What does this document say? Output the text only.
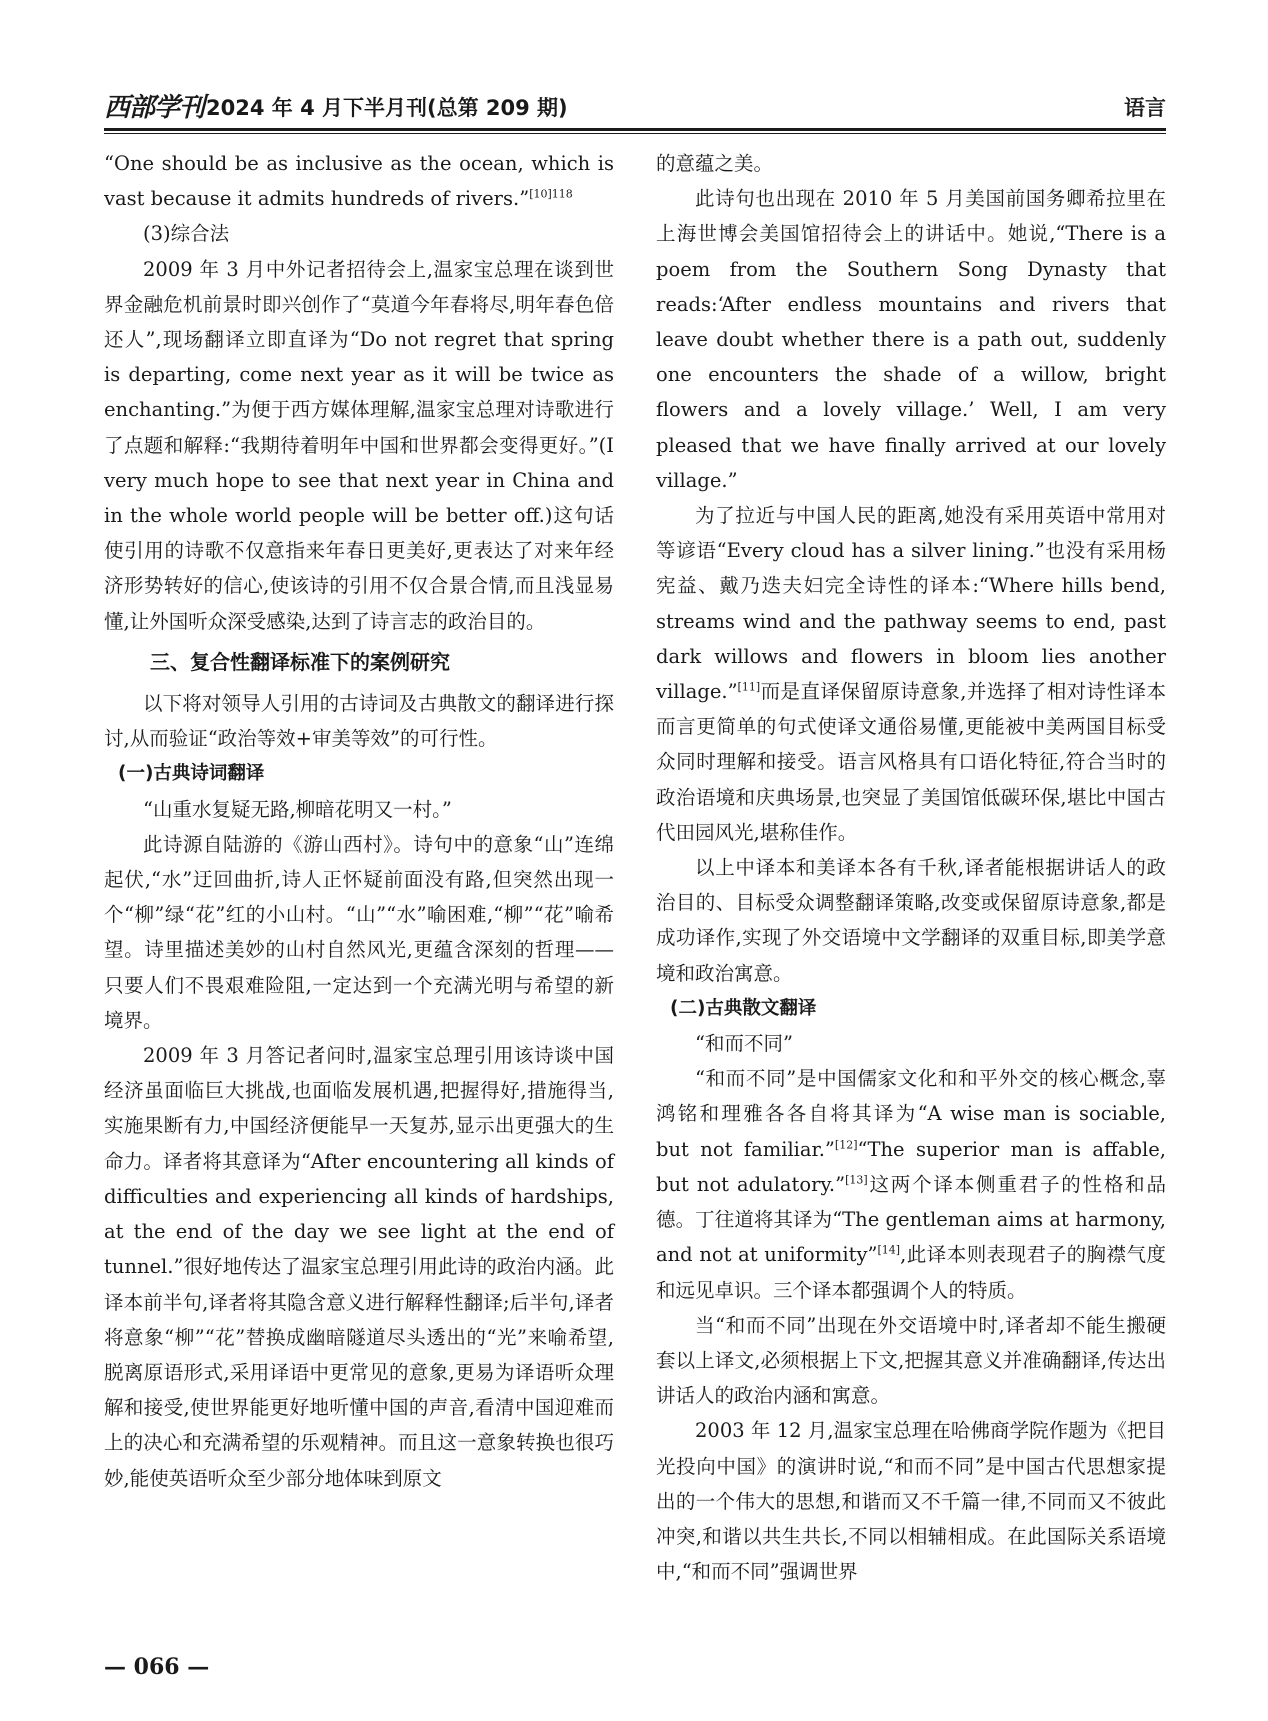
西部学刊 2024 年 4 月下半月刊(总第 209 期)	语言

“One should be as inclusive as the ocean, which is vast because it admits hundreds of rivers.”$^{[10]118}$

(3)综合法

2009 年 3 月中外记者招待会上,温家宝总理在谈到世界金融危机前景时即兴创作了“莫道今年春将尽,明年春色倍还人”,现场翻译立即直译为“Do not regret that spring is departing, come next year as it will be twice as enchanting.”为便于西方媒体理解,温家宝总理对诗歌进行了点题和解释:“我期待着明年中国和世界都会变得更好。”(I very much hope to see that next year in China and in the whole world people will be better off.)这句话使引用的诗歌不仅意指来年春日更美好,更表达了对来年经济形势转好的信心,使该诗的引用不仅合景合情,而且浅显易懂,让外国听众深受感染,达到了诗言志的政治目的。

三、复合性翻译标准下的案例研究

以下将对领导人引用的古诗词及古典散文的翻译进行探讨,从而验证“政治等效+审美等效”的可行性。

(一)古典诗词翻译

“山重水复疑无路,柳暗花明又一村。”

此诗源自陆游的《游山西村》。诗句中的意象“山”连绵起伏,“水”迂回曲折,诗人正怀疑前面没有路,但突然出现一个“柳”绿“花”红的小山村。“山”“水”喻困难,“柳”“花”喻希望。诗里描述美妙的山村自然风光,更蕴含深刻的哲理——只要人们不畏艰难险阻,一定达到一个充满光明与希望的新境界。

2009 年 3 月答记者问时,温家宝总理引用该诗谈中国经济虽面临巨大挑战,也面临发展机遇,把握得好,措施得当,实施果断有力,中国经济便能早一天复苏,显示出更强大的生命力。译者将其意译为“After encountering all kinds of difficulties and experiencing all kinds of hardships, at the end of the day we see light at the end of tunnel.”很好地传达了温家宝总理引用此诗的政治内涵。此译本前半句,译者将其隐含意义进行解释性翻译;后半句,译者将意象“柳”“花”替换成幽暗隧道尽头透出的“光”来喻希望,脱离原语形式,采用译语中更常见的意象,更易为译语听众理解和接受,使世界能更好地听懂中国的声音,看清中国迎难而上的决心和充满希望的乐观精神。而且这一意象转换也很巧妙,能使英语听众至少部分地体味到原文

的意蕴之美。

此诗句也出现在 2010 年 5 月美国前国务卿希拉里在上海世博会美国馆招待会上的讲话中。她说,“There is a poem from the Southern Song Dynasty that reads:‘After endless mountains and rivers that leave doubt whether there is a path out, suddenly one encounters the shade of a willow, bright flowers and a lovely village.’ Well, I am very pleased that we have finally arrived at our lovely village.”

为了拉近与中国人民的距离,她没有采用英语中常用对等谚语“Every cloud has a silver lining.”也没有采用杨宪益、戴乃迭夫妇完全诗性的译本:“Where hills bend, streams wind and the pathway seems to end, past dark willows and flowers in bloom lies another village.”[11]而是直译保留原诗意象,并选择了相对诗性译本而言更简单的句式使译文通俗易懂,更能被中美两国目标受众同时理解和接受。语言风格具有口语化特征,符合当时的政治语境和庆典场景,也突显了美国馆低碳环保,堪比中国古代田园风光,堪称佳作。

以上中译本和美译本各有千秋,译者能根据讲话人的政治目的、目标受众调整翻译策略,改变或保留原诗意象,都是成功译作,实现了外交语境中文学翻译的双重目标,即美学意境和政治寓意。

(二)古典散文翻译

“和而不同”

“和而不同”是中国儒家文化和和平外交的核心概念,辜鸿铭和理雅各各自将其译为“A wise man is sociable, but not familiar.”[12]“The superior man is affable, but not adulatory.”[13]这两个译本侧重君子的性格和品德。丁往道将其译为“The gentleman aims at harmony, and not at uniformity”[14],此译本则表现君子的胸襟气度和远见卓识。三个译本都强调个人的特质。

当“和而不同”出现在外交语境中时,译者却不能生搬硬套以上译文,必须根据上下文,把握其意义并准确翻译,传达出讲话人的政治内涵和寓意。

2003 年 12 月,温家宝总理在哈佛商学院作题为《把目光投向中国》的演讲时说,“和而不同”是中国古代思想家提出的一个伟大的思想,和谐而又不千篇一律,不同而又不彼此冲突,和谐以共生共长,不同以相辅相成。在此国际关系语境中,“和而不同”强调世界

— 066 —
